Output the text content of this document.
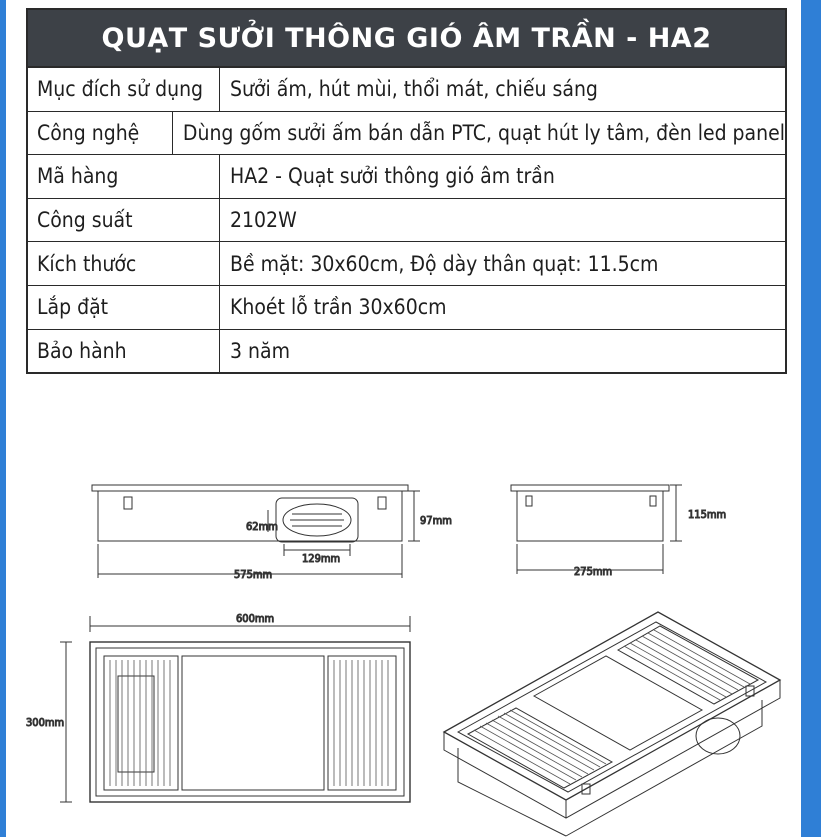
QUẠT SƯỞI THÔNG GIÓ ÂM TRẦN - HA2
Mục đích sử dụng	Sưởi ấm, hút mùi, thổi mát, chiếu sáng
Công nghệ	Dùng gốm sưởi ấm bán dẫn PTC, quạt hút ly tâm, đèn led panel
Mã hàng	HA2 - Quạt sưởi thông gió âm trần
Công suất	2102W
Kích thước	Bề mặt: 30x60cm, Độ dày thân quạt: 11.5cm
Lắp đặt	Khoét lỗ trần 30x60cm
Bảo hành	3 năm
97mm
62mm
129mm
575mm
115mm
275mm
600mm
300mm
